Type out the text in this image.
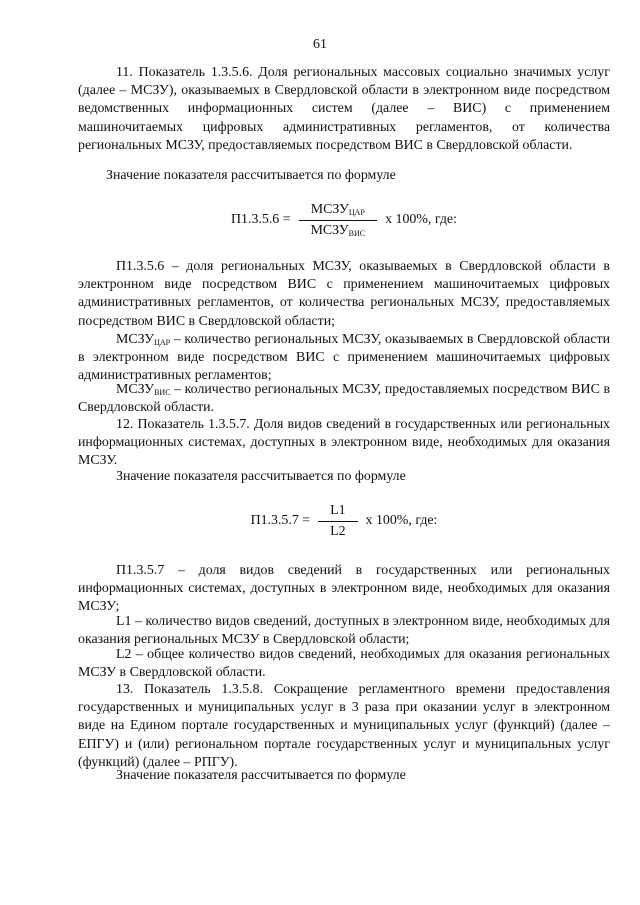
61

11. Показатель 1.3.5.6. Доля региональных массовых социально значимых услуг (далее – МСЗУ), оказываемых в Свердловской области в электронном виде посредством ведомственных информационных систем (далее – ВИС) с применением машиночитаемых цифровых административных регламентов, от количества региональных МСЗУ, предоставляемых посредством ВИС в Свердловской области.

Значение показателя рассчитывается по формуле

$П1.3.5.6 = \frac{МСЗУ_{ЦАР}}{МСЗУ_{ВИС}}$ x 100%, где:

П1.3.5.6 – доля региональных МСЗУ, оказываемых в Свердловской области в электронном виде посредством ВИС с применением машиночитаемых цифровых административных регламентов, от количества региональных МСЗУ, предоставляемых посредством ВИС в Свердловской области;

$МСЗУ_{ЦАР}$ – количество региональных МСЗУ, оказываемых в Свердловской области в электронном виде посредством ВИС с применением машиночитаемых цифровых административных регламентов;

$МСЗУ_{ВИС}$ – количество региональных МСЗУ, предоставляемых посредством ВИС в Свердловской области.

12. Показатель 1.3.5.7. Доля видов сведений в государственных или региональных информационных системах, доступных в электронном виде, необходимых для оказания МСЗУ.

Значение показателя рассчитывается по формуле

$П1.3.5.7 = \frac{L1}{L2}$ x 100%, где:

П1.3.5.7 – доля видов сведений в государственных или региональных информационных системах, доступных в электронном виде, необходимых для оказания МСЗУ;

L1 – количество видов сведений, доступных в электронном виде, необходимых для оказания региональных МСЗУ в Свердловской области;

L2 – общее количество видов сведений, необходимых для оказания региональных МСЗУ в Свердловской области.

13. Показатель 1.3.5.8. Сокращение регламентного времени предоставления государственных и муниципальных услуг в 3 раза при оказании услуг в электронном виде на Едином портале государственных и муниципальных услуг (функций) (далее – ЕПГУ) и (или) региональном портале государственных услуг и муниципальных услуг (функций) (далее – РПГУ).

Значение показателя рассчитывается по формуле
